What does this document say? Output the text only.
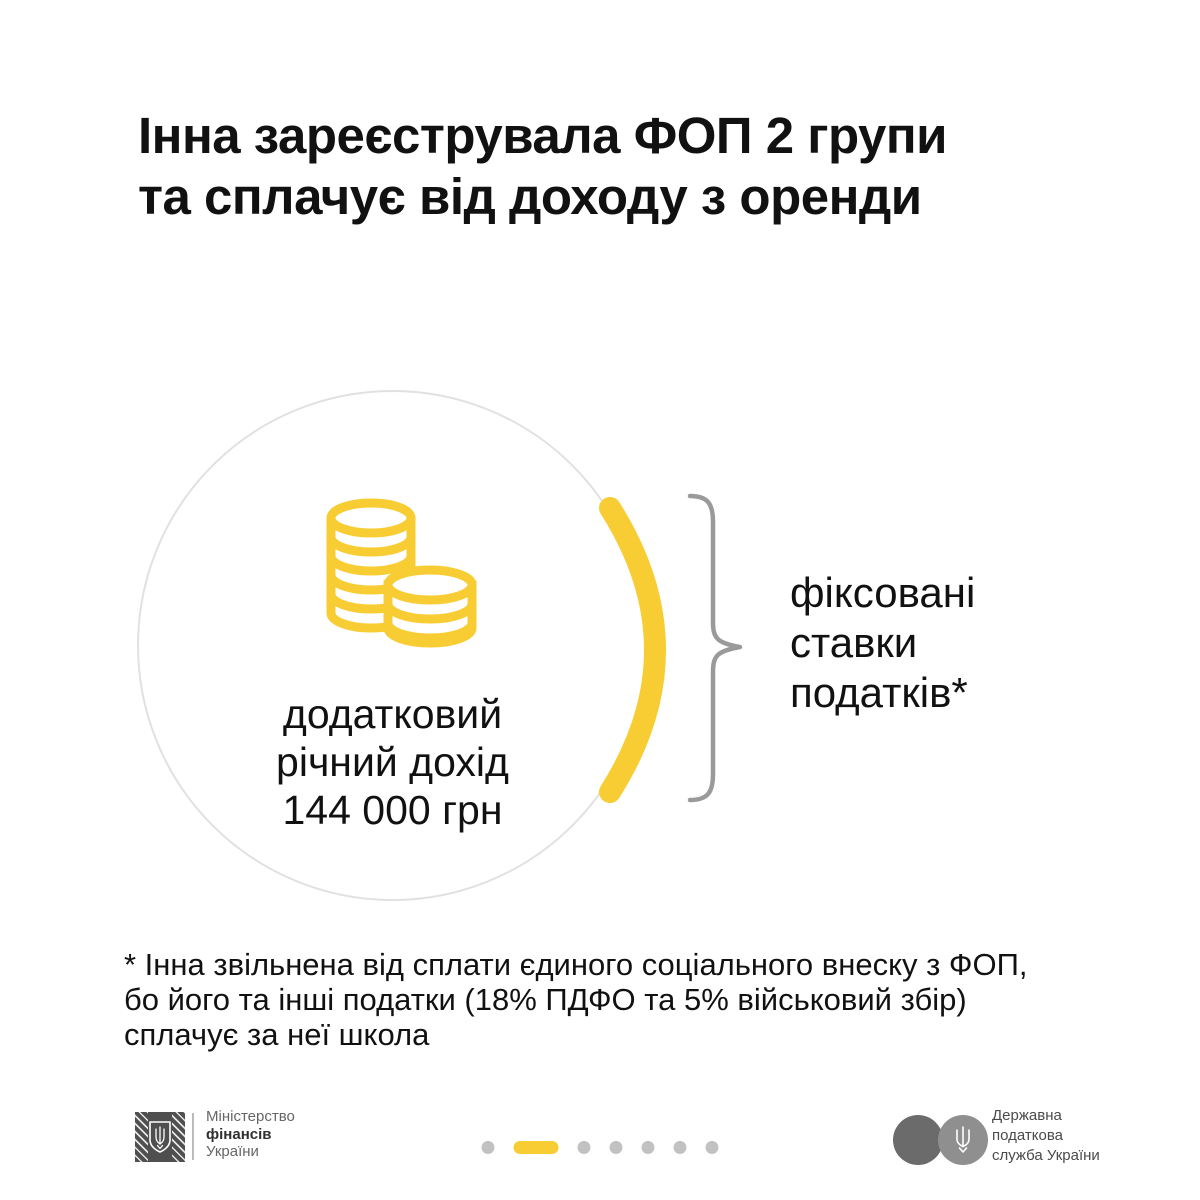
Інна зареєструвала ФОП 2 групи
та сплачує від доходу з оренди
додатковий
річний дохід
144 000 грн
фіксовані
ставки
податків*
* Інна звільнена від сплати єдиного соціального внеску з ФОП,
бо його та інші податки (18% ПДФО та 5% військовий збір)
сплачує за неї школа
Міністерство
фінансів
України
Державна
податкова
служба України
